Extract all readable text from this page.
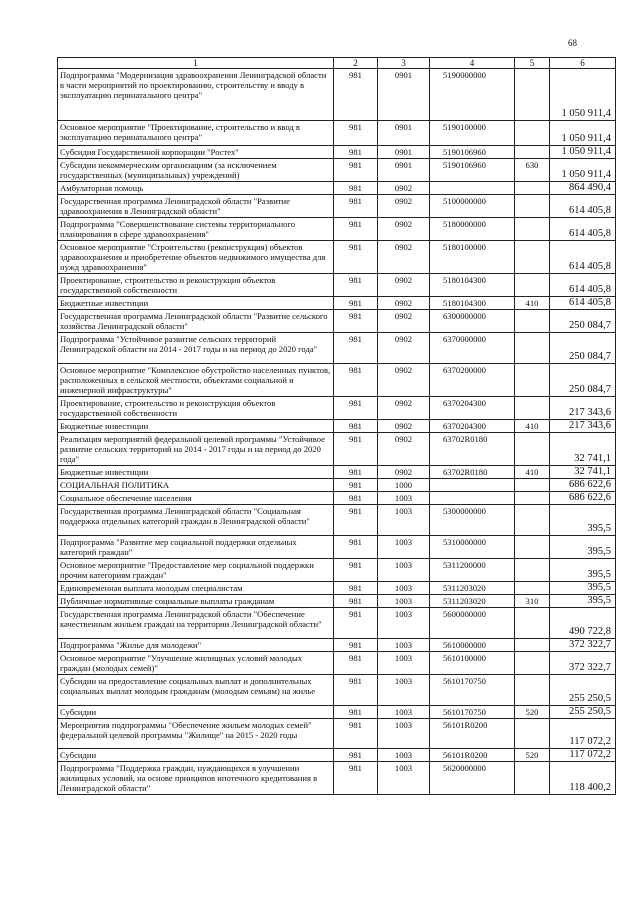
68
1	2	3	4	5	6
Подпрограмма "Модернизация здравоохранения Ленинградской области в части мероприятий по проектированию, строительству и вводу в эксплуатацию перинатального центра"	981	0901	5190000000		1 050 911,4
Основное мероприятие "Проектирование, строительство и ввод в эксплуатацию перинатального центра"	981	0901	5190100000		1 050 911,4
Субсидия Государственной корпорации "Ростех"	981	0901	5190106960		1 050 911,4
Субсидии некоммерческим организациям (за исключением государственных (муниципальных) учреждений)	981	0901	5190106960	630	1 050 911,4
Амбулаторная помощь	981	0902			864 490,4
Государственная программа Ленинградской области "Развитие здравоохранения в Ленинградской области"	981	0902	5100000000		614 405,8
Подпрограмма "Совершенствование системы территориального планирования в сфере здравоохранения"	981	0902	5180000000		614 405,8
Основное мероприятие "Строительство (реконструкция) объектов здравоохранения и приобретение объектов недвижимого имущества для нужд здравоохранения"	981	0902	5180100000		614 405,8
Проектирование, строительство и реконструкция объектов государственной собственности	981	0902	5180104300		614 405,8
Бюджетные инвестиции	981	0902	5180104300	410	614 405,8
Государственная программа Ленинградской области "Развитие сельского хозяйства Ленинградской области"	981	0902	6300000000		250 084,7
Подпрограмма "Устойчивое развитие сельских территорий Ленинградской области на 2014 - 2017 годы и на период до 2020 года"	981	0902	6370000000		250 084,7
Основное мероприятие "Комплексное обустройство населенных пунктов, расположенных в сельской местности, объектами социальной и инженерной инфраструктуры"	981	0902	6370200000		250 084,7
Проектирование, строительство и реконструкция объектов государственной собственности	981	0902	6370204300		217 343,6
Бюджетные инвестиции	981	0902	6370204300	410	217 343,6
Реализация мероприятий федеральной целевой программы "Устойчивое развитие сельских территорий на 2014 - 2017 годы и на период до 2020 года"	981	0902	63702R0180		32 741,1
Бюджетные инвестиции	981	0902	63702R0180	410	32 741,1
СОЦИАЛЬНАЯ ПОЛИТИКА	981	1000			686 622,6
Социальное обеспечение населения	981	1003			686 622,6
Государственная программа Ленинградской области "Социальная поддержка отдельных категорий граждан в Ленинградской области"	981	1003	5300000000		395,5
Подпрограмма "Развитие мер социальной поддержки отдельных категорий граждан"	981	1003	5310000000		395,5
Основное мероприятие "Предоставление мер социальной поддержки прочим категориям граждан"	981	1003	5311200000		395,5
Единовременная выплата молодым специалистам	981	1003	5311203020		395,5
Публичные нормативные социальные выплаты гражданам	981	1003	5311203020	310	395,5
Государственная программа Ленинградской области "Обеспечение качественным жильем граждан на территории Ленинградской области"	981	1003	5600000000		490 722,8
Подпрограмма "Жилье для молодежи"	981	1003	5610000000		372 322,7
Основное мероприятие "Улучшение жилищных условий молодых граждан (молодых семей)"	981	1003	5610100000		372 322,7
Субсидии на предоставление социальных выплат и дополнительных социальных выплат молодым гражданам (молодым семьям) на жилье	981	1003	5610170750		255 250,5
Субсидии	981	1003	5610170750	520	255 250,5
Мероприятия подпрограммы "Обеспечение жильем молодых семей" федеральной целевой программы "Жилище" на 2015 - 2020 годы	981	1003	56101R0200		117 072,2
Субсидии	981	1003	56101R0200	520	117 072,2
Подпрограмма "Поддержка граждан, нуждающихся в улучшении жилищных условий, на основе принципов ипотечного кредитования в Ленинградской области"	981	1003	5620000000		118 400,2
